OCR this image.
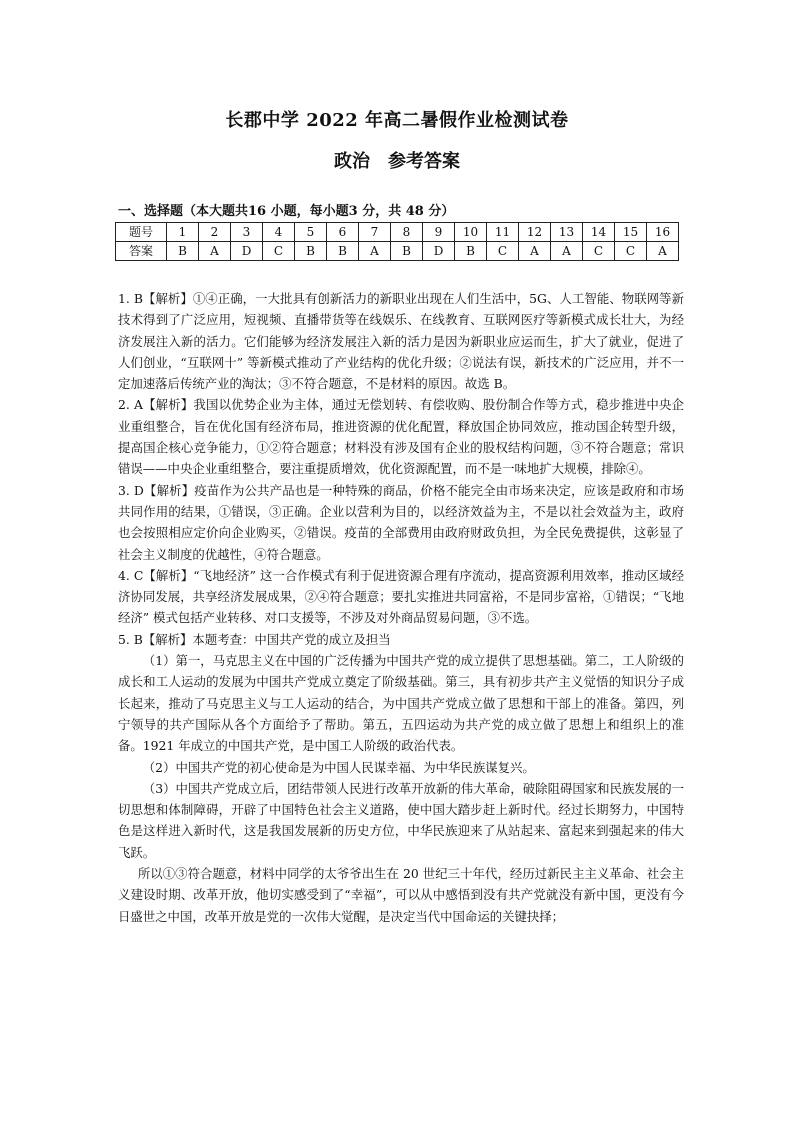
长郡中学 2022 年高二暑假作业检测试卷
政治　参考答案
一、选择题（本大题共16 小题，每小题3 分，共 48 分）
题号	1	2	3	4	5	6	7	8	9	10	11	12	13	14	15	16
答案	B	A	D	C	B	B	A	B	D	B	C	A	A	C	C	A

1. B【解析】①④正确，一大批具有创新活力的新职业出现在人们生活中，5G、人工智能、物联网等新技术得到了广泛应用，短视频、直播带货等在线娱乐、在线教育、互联网医疗等新模式成长壮大，为经济发展注入新的活力。它们能够为经济发展注入新的活力是因为新职业应运而生，扩大了就业，促进了人们创业，“互联网十” 等新模式推动了产业结构的优化升级；②说法有误，新技术的广泛应用，并不一定加速落后传统产业的淘汰；③不符合题意，不是材料的原因。故选 B。

2. A【解析】我国以优势企业为主体，通过无偿划转、有偿收购、股份制合作等方式，稳步推进中央企业重组整合，旨在优化国有经济布局，推进资源的优化配置，释放国企协同效应，推动国企转型升级，提高国企核心竞争能力，①②符合题意；材料没有涉及国有企业的股权结构问题，③不符合题意；常识错误——中央企业重组整合，要注重提质增效，优化资源配置，而不是一味地扩大规模，排除④。

3. D【解析】疫苗作为公共产品也是一种特殊的商品，价格不能完全由市场来决定，应该是政府和市场共同作用的结果，①错误，③正确。企业以营利为目的，以经济效益为主，不是以社会效益为主，政府也会按照相应定价向企业购买，②错误。疫苗的全部费用由政府财政负担，为全民免费提供，这彰显了社会主义制度的优越性，④符合题意。

4. C【解析】“飞地经济” 这一合作模式有利于促进资源合理有序流动，提高资源利用效率，推动区域经济协同发展，共享经济发展成果，②④符合题意；要扎实推进共同富裕，不是同步富裕，①错误；“飞地经济” 模式包括产业转移、对口支援等，不涉及对外商品贸易问题，③不选。

5. B【解析】本题考查：中国共产党的成立及担当

（1）第一，马克思主义在中国的广泛传播为中国共产党的成立提供了思想基础。第二，工人阶级的成长和工人运动的发展为中国共产党成立奠定了阶级基础。第三，具有初步共产主义觉悟的知识分子成长起来，推动了马克思主义与工人运动的结合，为中国共产党成立做了思想和干部上的准备。第四，列宁领导的共产国际从各个方面给予了帮助。第五，五四运动为共产党的成立做了思想上和组织上的准备。1921 年成立的中国共产党，是中国工人阶级的政治代表。

（2）中国共产党的初心使命是为中国人民谋幸福、为中华民族谋复兴。

（3）中国共产党成立后，团结带领人民进行改革开放新的伟大革命，破除阻碍国家和民族发展的一切思想和体制障碍，开辟了中国特色社会主义道路，使中国大踏步赶上新时代。经过长期努力，中国特色是这样进入新时代，这是我国发展新的历史方位，中华民族迎来了从站起来、富起来到强起来的伟大飞跃。

所以①③符合题意，材料中同学的太爷爷出生在 20 世纪三十年代，经历过新民主主义革命、社会主义建设时期、改革开放，他切实感受到了“幸福”，可以从中感悟到没有共产党就没有新中国，更没有今日盛世之中国，改革开放是党的一次伟大觉醒，是决定当代中国命运的关键抉择；
